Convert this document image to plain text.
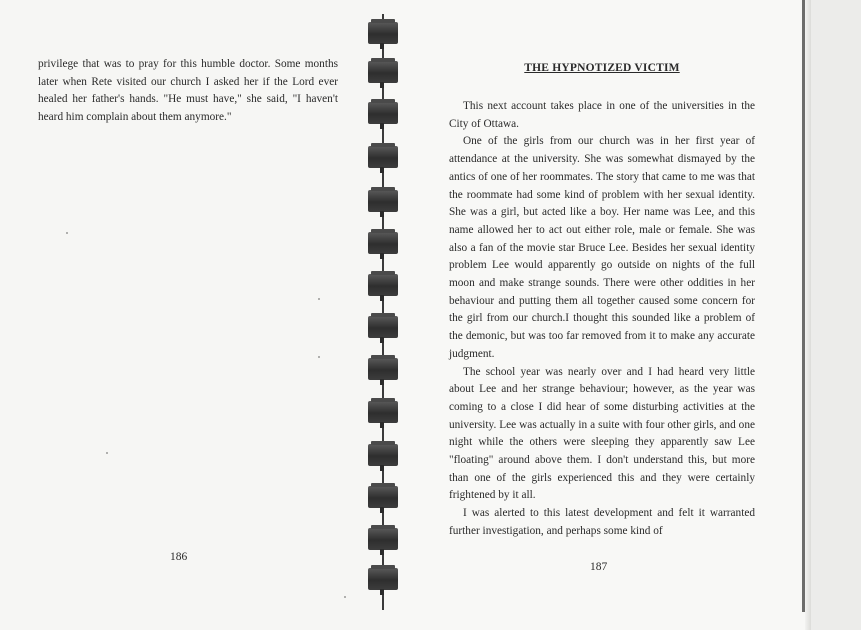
privilege that was to pray for this humble doctor. Some months later when Rete visited our church I asked her if the Lord ever healed her father's hands. "He must have," she said, "I haven't heard him complain about them anymore."

186
THE HYPNOTIZED VICTIM

This next account takes place in one of the universities in the City of Ottawa.

One of the girls from our church was in her first year of attendance at the university. She was somewhat dismayed by the antics of one of her roommates. The story that came to me was that the roommate had some kind of problem with her sexual identity. She was a girl, but acted like a boy. Her name was Lee, and this name allowed her to act out either role, male or female. She was also a fan of the movie star Bruce Lee. Besides her sexual identity problem Lee would apparently go outside on nights of the full moon and make strange sounds. There were other oddities in her behaviour and putting them all together caused some concern for the girl from our church.I thought this sounded like a problem of the demonic, but was too far removed from it to make any accurate judgment.

The school year was nearly over and I had heard very little about Lee and her strange behaviour; however, as the year was coming to a close I did hear of some disturbing activities at the university. Lee was actually in a suite with four other girls, and one night while the others were sleeping they apparently saw Lee "floating" around above them. I don't understand this, but more than one of the girls experienced this and they were certainly frightened by it all.

I was alerted to this latest development and felt it warranted further investigation, and perhaps some kind of

187
